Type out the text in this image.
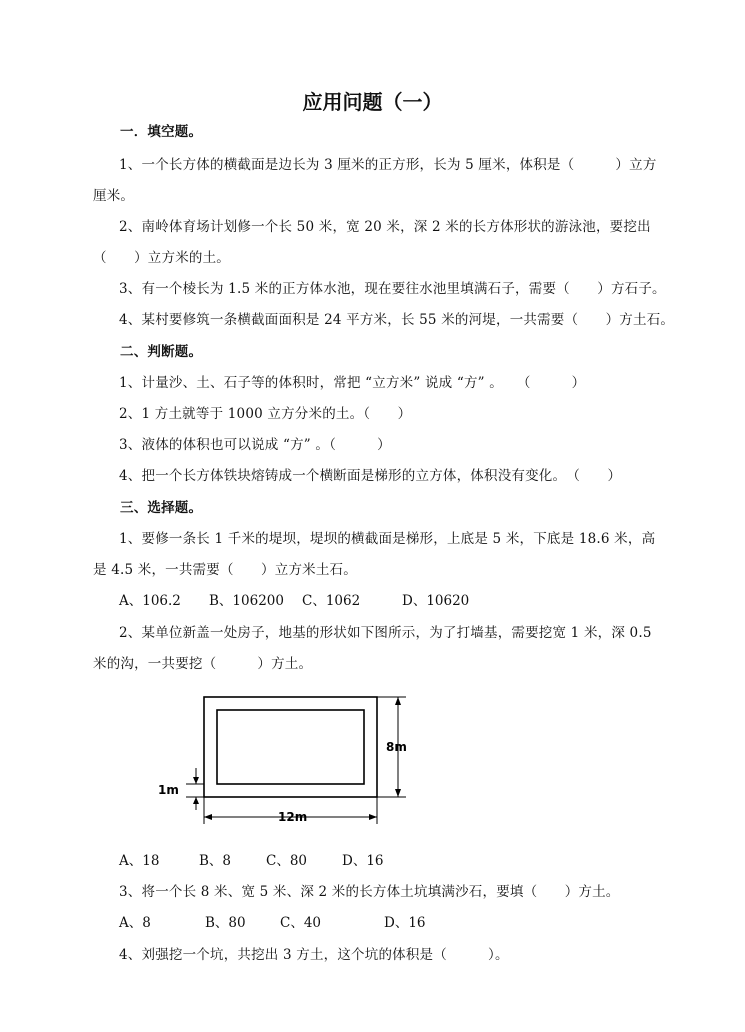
应用问题（一）
一．填空题。
1、一个长方体的横截面是边长为 3 厘米的正方形，长为 5 厘米，体积是（　　　）立方
厘米。
2、南岭体育场计划修一个长 50 米，宽 20 米，深 2 米的长方体形状的游泳池，要挖出
（　　）立方米的土。
3、有一个棱长为 1.5 米的正方体水池，现在要往水池里填满石子，需要（　　）方石子。
4、某村要修筑一条横截面面积是 24 平方米，长 55 米的河堤，一共需要（　　）方土石。
二、判断题。
1、计量沙、土、石子等的体积时，常把 “立方米” 说成 “方” 。　　（　　　）
2、1 方土就等于 1000 立方分米的土。（　　）
3、液体的体积也可以说成 “方” 。（　　　）
4、把一个长方体铁块熔铸成一个横断面是梯形的立方体，体积没有变化。　（　　）
三、选择题。
1、要修一条长 1 千米的堤坝，堤坝的横截面是梯形，上底是 5 米，下底是 18.6 米，高
是 4.5 米，一共需要（　　）立方米土石。
A、106.2 B、106200 C、1062	D、10620
2、某单位新盖一处房子，地基的形状如下图所示，为了打墙基，需要挖宽 1 米，深 0.5
米的沟，一共要挖（　　　）方土。
8m
12m
1m
A、18	B、8	C、80	D、16
3、将一个长 8 米、宽 5 米、深 2 米的长方体土坑填满沙石，要填（　　）方土。
A、8	B、80	C、40	D、16
4、刘强挖一个坑，共挖出 3 方土，这个坑的体积是（　　　）。
